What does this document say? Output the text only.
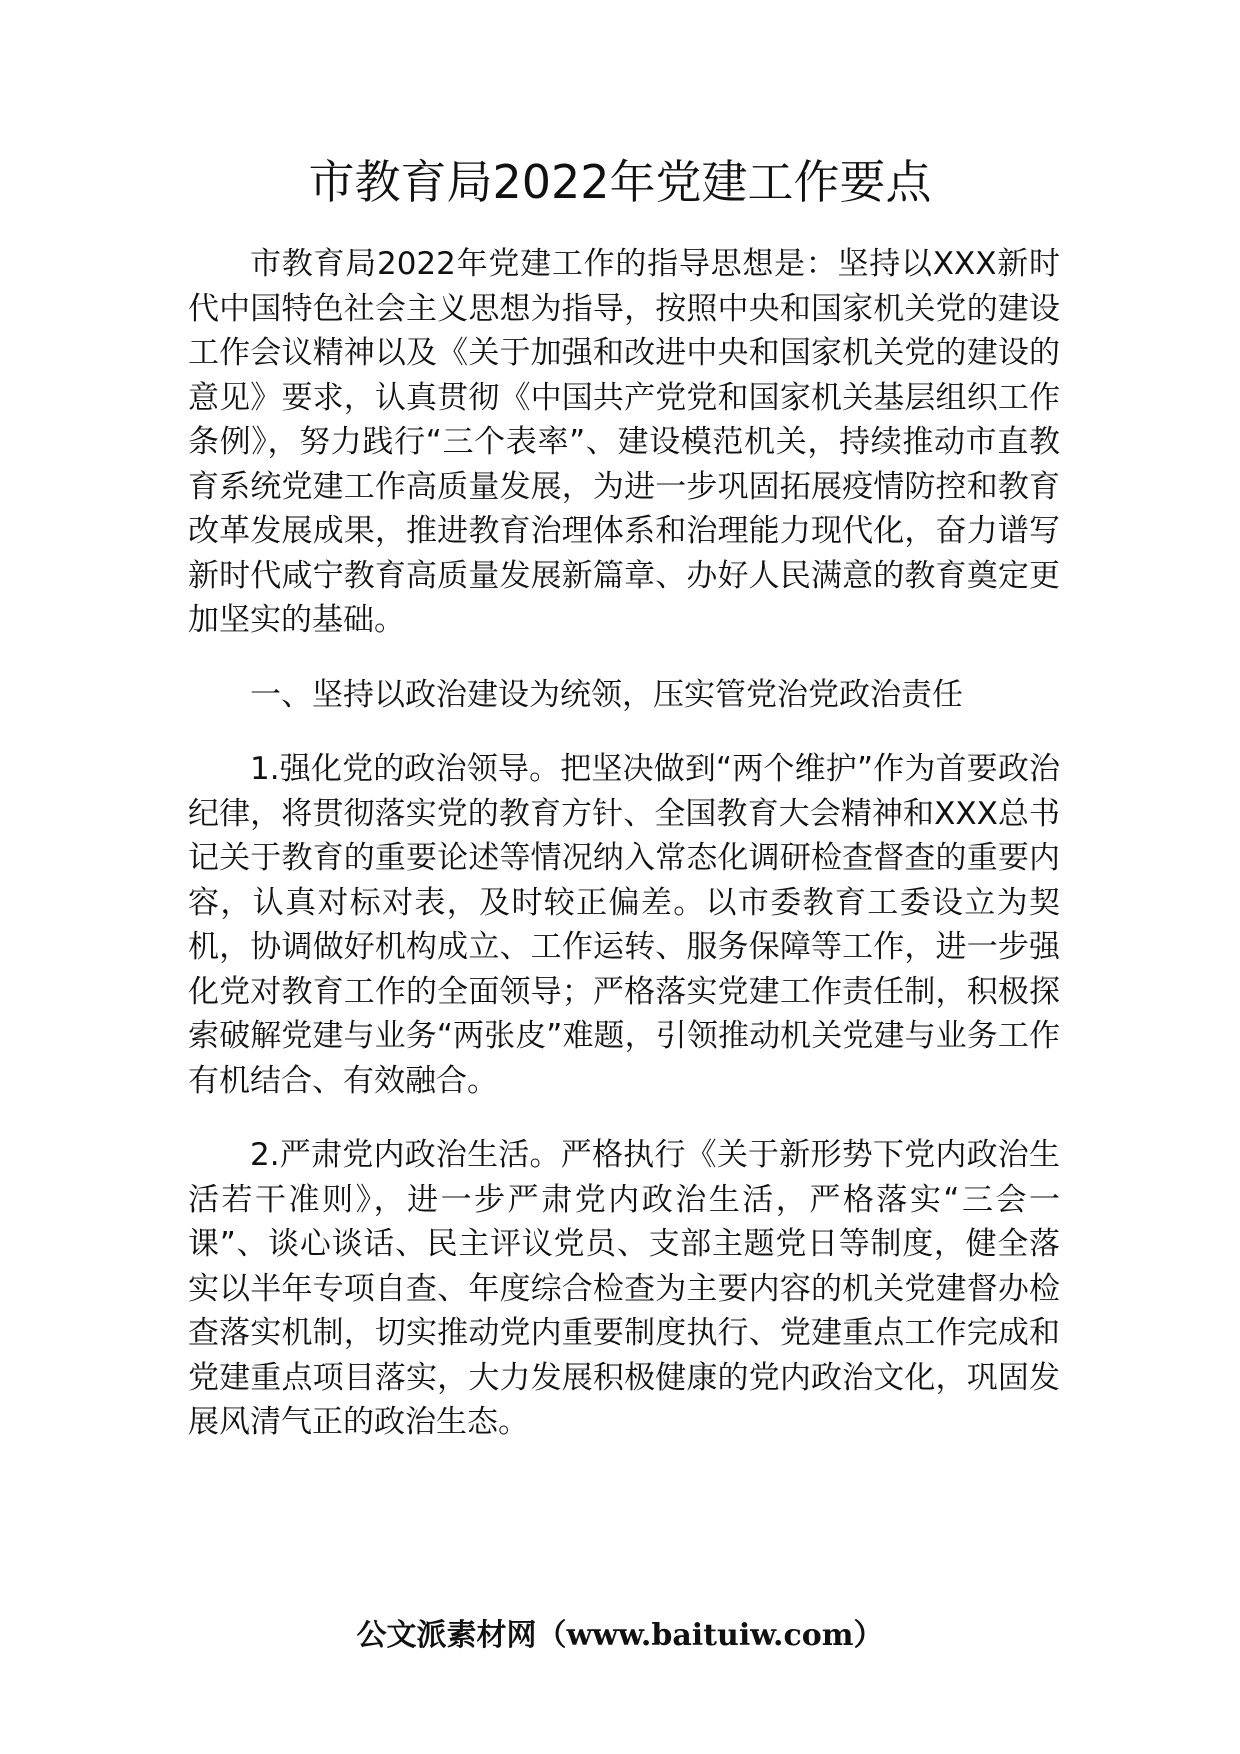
市教育局2022年党建工作要点

市教育局2022年党建工作的指导思想是：坚持以XXX新时代中国特色社会主义思想为指导，按照中央和国家机关党的建设工作会议精神以及《关于加强和改进中央和国家机关党的建设的意见》要求，认真贯彻《中国共产党党和国家机关基层组织工作条例》，努力践行“三个表率”、建设模范机关，持续推动市直教育系统党建工作高质量发展，为进一步巩固拓展疫情防控和教育改革发展成果，推进教育治理体系和治理能力现代化，奋力谱写新时代咸宁教育高质量发展新篇章、办好人民满意的教育奠定更加坚实的基础。

一、坚持以政治建设为统领，压实管党治党政治责任

1.强化党的政治领导。把坚决做到“两个维护”作为首要政治纪律，将贯彻落实党的教育方针、全国教育大会精神和XXX总书记关于教育的重要论述等情况纳入常态化调研检查督查的重要内容，认真对标对表，及时较正偏差。以市委教育工委设立为契机，协调做好机构成立、工作运转、服务保障等工作，进一步强化党对教育工作的全面领导；严格落实党建工作责任制，积极探索破解党建与业务“两张皮”难题，引领推动机关党建与业务工作有机结合、有效融合。

2.严肃党内政治生活。严格执行《关于新形势下党内政治生活若干准则》，进一步严肃党内政治生活，严格落实“三会一课”、谈心谈话、民主评议党员、支部主题党日等制度，健全落实以半年专项自查、年度综合检查为主要内容的机关党建督办检查落实机制，切实推动党内重要制度执行、党建重点工作完成和党建重点项目落实，大力发展积极健康的党内政治文化，巩固发展风清气正的政治生态。

公文派素材网（www.baituiw.com）
